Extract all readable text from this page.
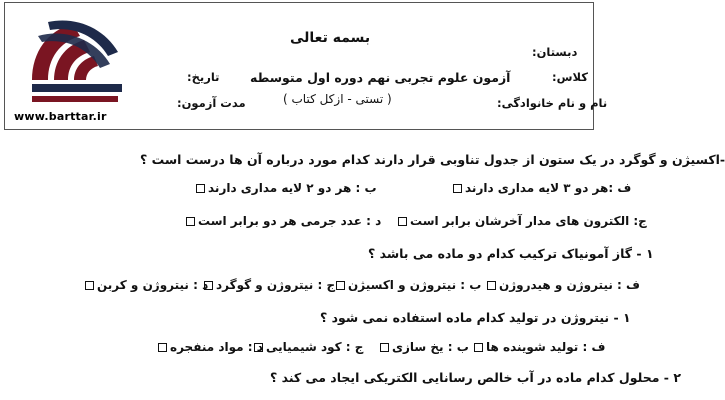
www.barttar.ir
بسمه تعالی
آزمون علوم تجربی نهم دوره اول متوسطه
( تستی - ازکل کتاب )
تاریخ:
مدت آزمون:
دبستان:
کلاس:
نام و نام خانوادگی:
-اکسیژن و گوگرد در یک ستون از جدول تناوبی قرار دارند کدام مورد درباره آن ها درست است ؟
ف :هر دو ۳ لایه مداری دارند
ب : هر دو ۲ لایه مداری دارند
ج: الکترون های مدار آخرشان برابر است
د : عدد جرمی هر دو برابر است
۱ - گاز آمونیاک ترکیب کدام دو ماده می باشد ؟
ف : نیتروژن و هیدروژن
ب : نیتروژن و اکسیژن
ج : نیتروژن و گوگرد
د : نیتروژن و کربن
۱ - نیتروژن در تولید کدام ماده استفاده نمی شود ؟
ف : تولید شوینده ها
ب : یخ سازی
ج : کود شیمیایی
د : مواد منفجره
۲ - محلول کدام ماده در آب خالص رسانایی الکتریکی ایجاد می کند ؟
